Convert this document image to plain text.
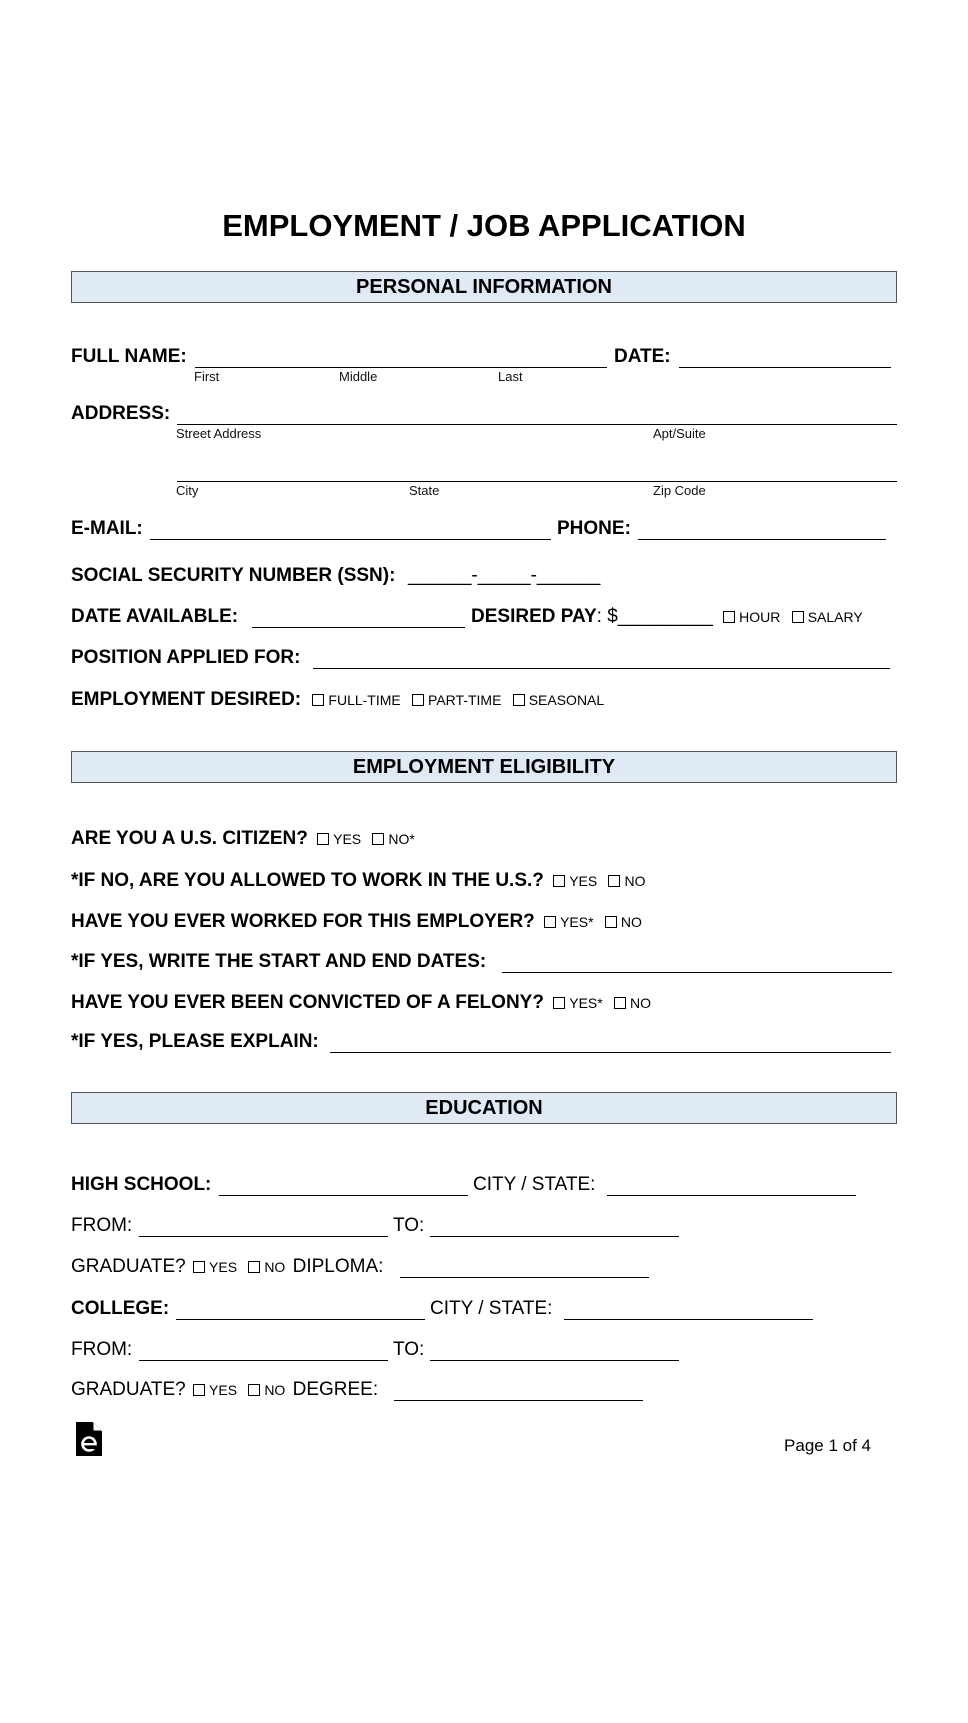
EMPLOYMENT / JOB APPLICATION
PERSONAL INFORMATION
FULL NAME:	DATE:
First	Middle	Last
ADDRESS:
Street Address	Apt/Suite
City	State	Zip Code
E-MAIL:	PHONE:
SOCIAL SECURITY NUMBER (SSN): ______-_____-______
DATE AVAILABLE:	DESIRED PAY: $_________ HOUR SALARY
POSITION APPLIED FOR:
EMPLOYMENT DESIRED: FULL-TIME PART-TIME SEASONAL
EMPLOYMENT ELIGIBILITY
ARE YOU A U.S. CITIZEN? YES NO*
*IF NO, ARE YOU ALLOWED TO WORK IN THE U.S.? YES NO
HAVE YOU EVER WORKED FOR THIS EMPLOYER? YES* NO
*IF YES, WRITE THE START AND END DATES:
HAVE YOU EVER BEEN CONVICTED OF A FELONY? YES* NO
*IF YES, PLEASE EXPLAIN:
EDUCATION
HIGH SCHOOL:	CITY / STATE:
FROM:	TO:
GRADUATE? YES NO DIPLOMA:
COLLEGE:	CITY / STATE:
FROM:	TO:
GRADUATE? YES NO DEGREE:
Page 1 of 4
